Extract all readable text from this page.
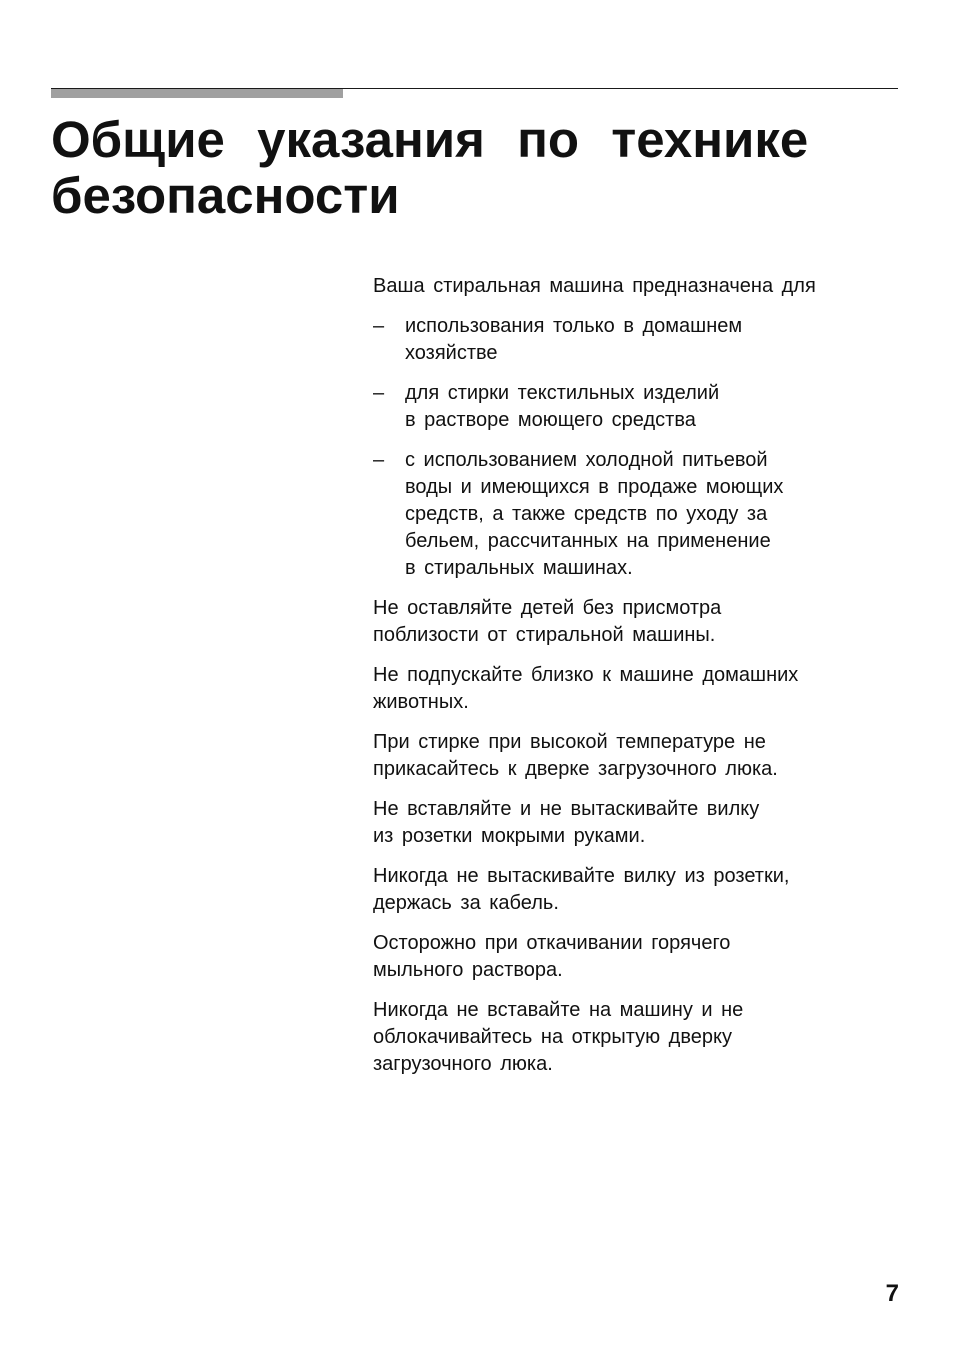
Общие указания по технике
безопасности

Ваша стиральная машина предназначена для

– использования только в домашнем
хозяйстве
– для стирки текстильных изделий
в растворе моющего средства
– с использованием холодной питьевой
воды и имеющихся в продаже моющих
средств, а также средств по уходу за
бельем, рассчитанных на применение
в стиральных машинах.

Не оставляйте детей без присмотра
поблизости от стиральной машины.

Не подпускайте близко к машине домашних
животных.

При стирке при высокой температуре не
прикасайтесь к дверке загрузочного люка.

Не вставляйте и не вытаскивайте вилку
из розетки мокрыми руками.

Никогда не вытаскивайте вилку из розетки,
держась за кабель.

Осторожно при откачивании горячего
мыльного раствора.

Никогда не вставайте на машину и не
облокачивайтесь на открытую дверку
загрузочного люка.

7
